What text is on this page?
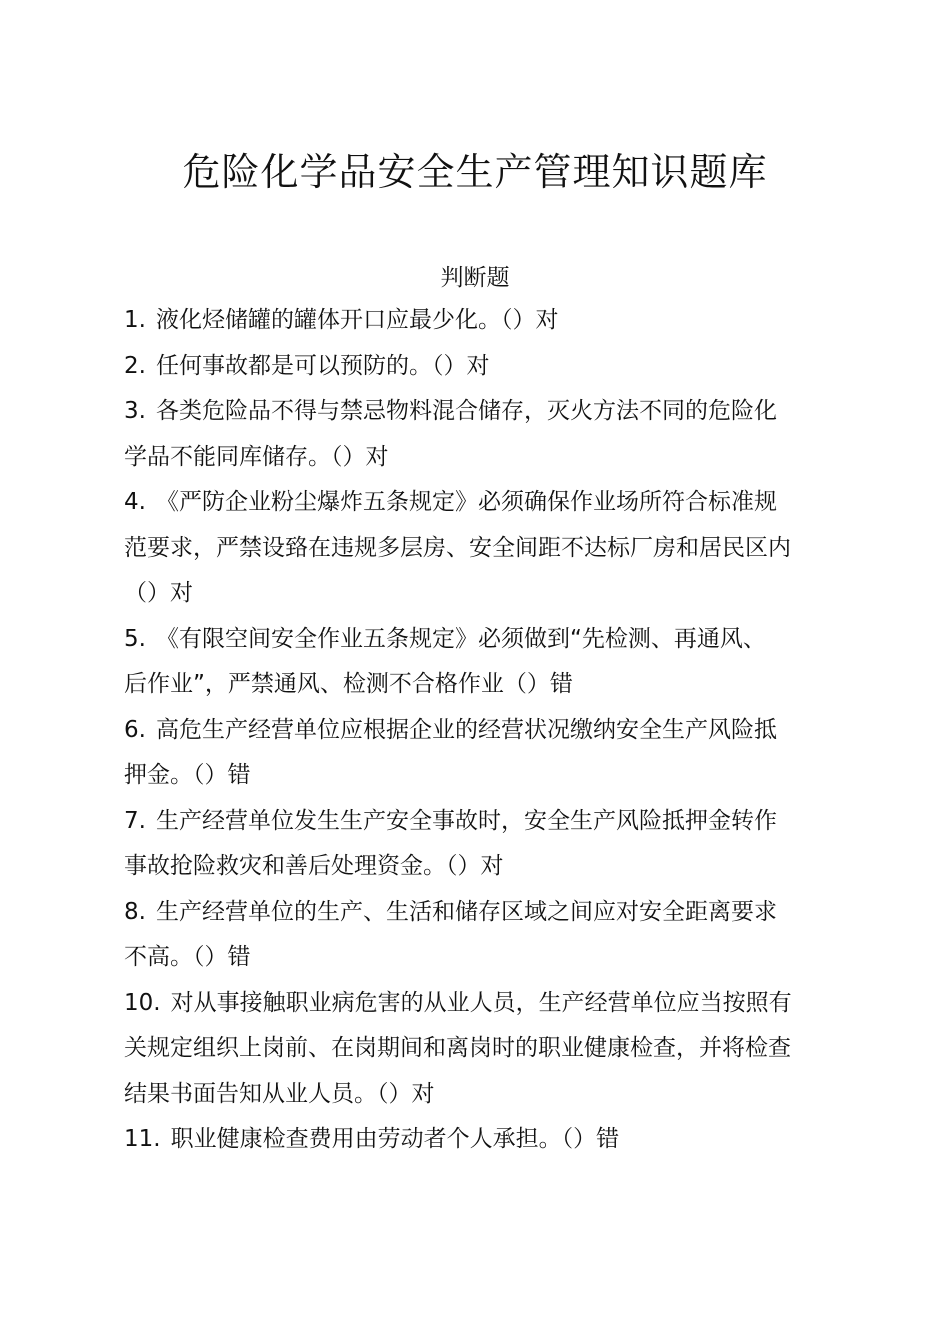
危险化学品安全生产管理知识题库
判断题
1. 液化烃储罐的罐体开口应最少化。（）对
2. 任何事故都是可以预防的。（）对
3. 各类危险品不得与禁忌物料混合储存，灭火方法不同的危险化
学品不能同库储存。（）对
4. 《严防企业粉尘爆炸五条规定》必须确保作业场所符合标准规
范要求，严禁设臵在违规多层房、安全间距不达标厂房和居民区内
（）对
5. 《有限空间安全作业五条规定》必须做到“先检测、再通风、
后作业”，严禁通风、检测不合格作业（）错
6. 高危生产经营单位应根据企业的经营状况缴纳安全生产风险抵
押金。（）错
7. 生产经营单位发生生产安全事故时，安全生产风险抵押金转作
事故抢险救灾和善后处理资金。（）对
8. 生产经营单位的生产、生活和储存区域之间应对安全距离要求
不高。（）错
10. 对从事接触职业病危害的从业人员，生产经营单位应当按照有
关规定组织上岗前、在岗期间和离岗时的职业健康检查，并将检查
结果书面告知从业人员。（）对
11. 职业健康检查费用由劳动者个人承担。（）错
